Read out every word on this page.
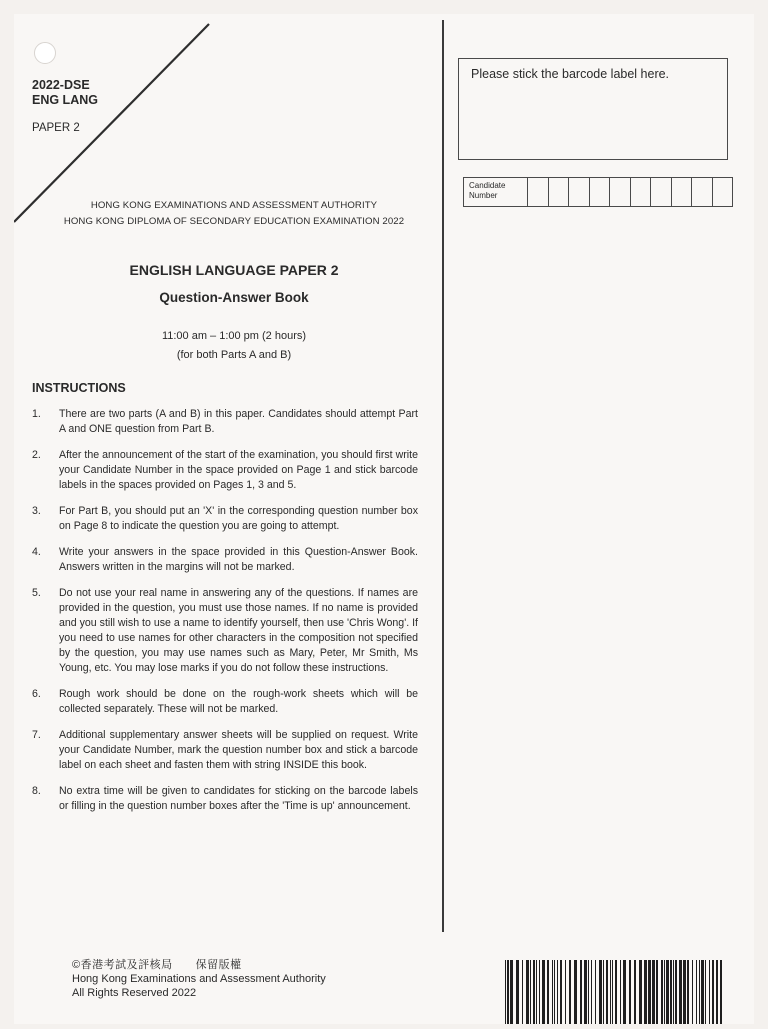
2022-DSE
ENG LANG
PAPER 2
HONG KONG EXAMINATIONS AND ASSESSMENT AUTHORITY
HONG KONG DIPLOMA OF SECONDARY EDUCATION EXAMINATION 2022
ENGLISH LANGUAGE PAPER 2
Question-Answer Book
11:00 am – 1:00 pm (2 hours)
(for both Parts A and B)
INSTRUCTIONS
1.	There are two parts (A and B) in this paper. Candidates should attempt Part A and ONE question from Part B.
2.	After the announcement of the start of the examination, you should first write your Candidate Number in the space provided on Page 1 and stick barcode labels in the spaces provided on Pages 1, 3 and 5.
3.	For Part B, you should put an 'X' in the corresponding question number box on Page 8 to indicate the question you are going to attempt.
4.	Write your answers in the space provided in this Question-Answer Book. Answers written in the margins will not be marked.
5.	Do not use your real name in answering any of the questions. If names are provided in the question, you must use those names. If no name is provided and you still wish to use a name to identify yourself, then use 'Chris Wong'. If you need to use names for other characters in the composition not specified by the question, you may use names such as Mary, Peter, Mr Smith, Ms Young, etc. You may lose marks if you do not follow these instructions.
6.	Rough work should be done on the rough-work sheets which will be collected separately. These will not be marked.
7.	Additional supplementary answer sheets will be supplied on request. Write your Candidate Number, mark the question number box and stick a barcode label on each sheet and fasten them with string INSIDE this book.
8.	No extra time will be given to candidates for sticking on the barcode labels or filling in the question number boxes after the 'Time is up' announcement.
Please stick the barcode label here.
Candidate
Number
©香港考試及評核局　　保留版權
Hong Kong Examinations and Assessment Authority
All Rights Reserved 2022
